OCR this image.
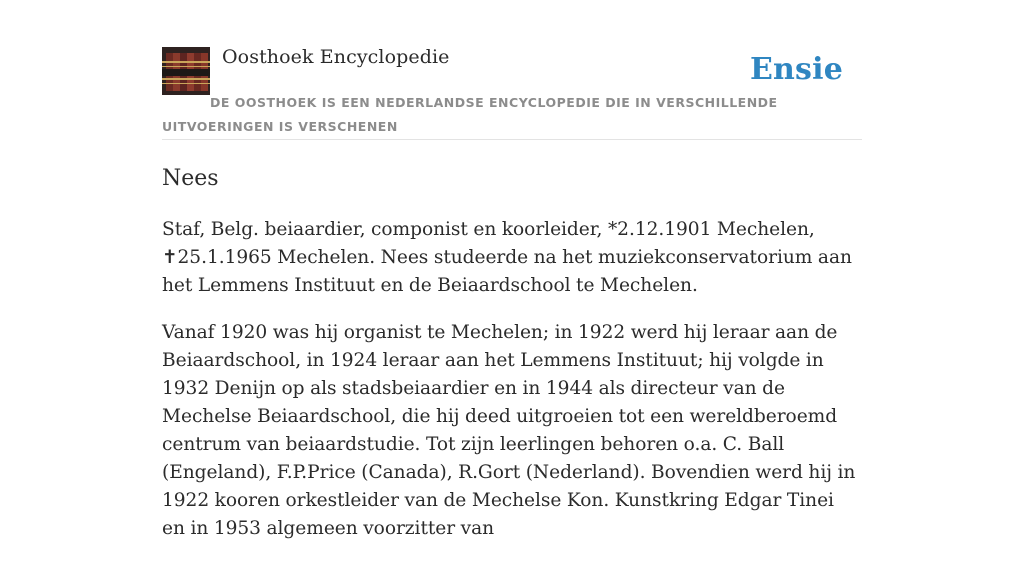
Oosthoek Encyclopedie	Ensie

DE OOSTHOEK IS EEN NEDERLANDSE ENCYCLOPEDIE DIE IN VERSCHILLENDE UITVOERINGEN IS VERSCHENEN

Nees

Staf, Belg. beiaardier, componist en koorleider, *2.12.1901 Mechelen, ✝25.1.1965 Mechelen. Nees studeerde na het muziekconservatorium aan het Lemmens Instituut en de Beiaardschool te Mechelen.

Vanaf 1920 was hij organist te Mechelen; in 1922 werd hij leraar aan de Beiaardschool, in 1924 leraar aan het Lemmens Instituut; hij volgde in 1932 Denijn op als stadsbeiaardier en in 1944 als directeur van de Mechelse Beiaardschool, die hij deed uitgroeien tot een wereldberoemd centrum van beiaardstudie. Tot zijn leerlingen behoren o.a. C. Ball (Engeland), F.P.Price (Canada), R.Gort (Nederland). Bovendien werd hij in 1922 kooren orkestleider van de Mechelse Kon. Kunstkring Edgar Tinei en in 1953 algemeen voorzitter van
